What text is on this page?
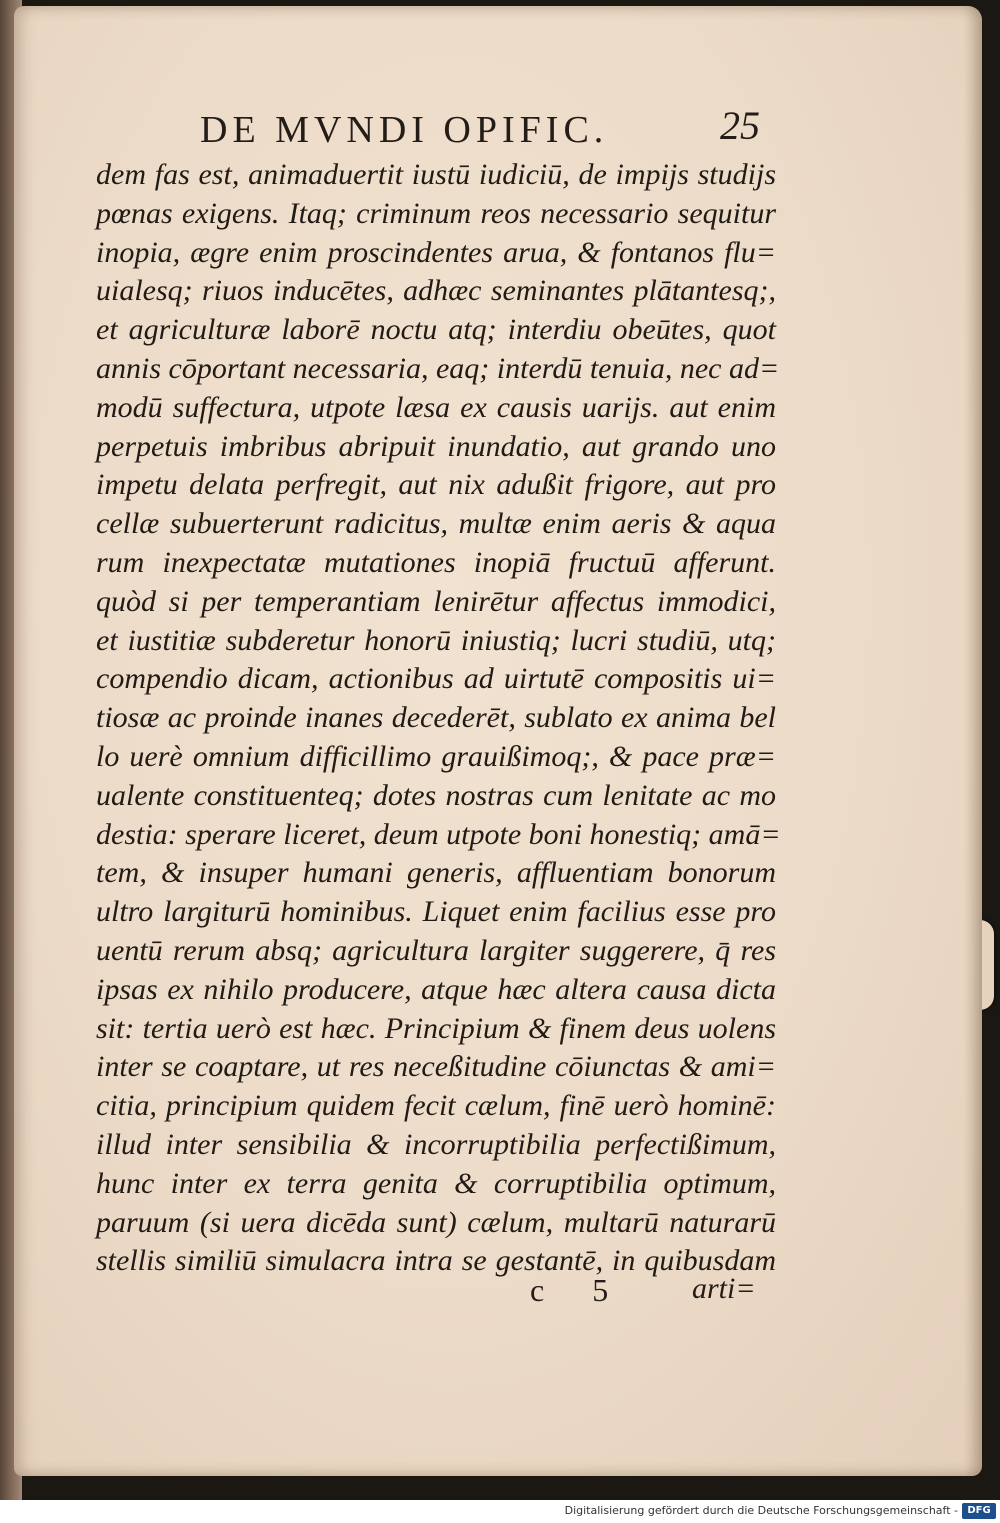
DE MVNDI OPIFIC.	25
dem fas est, animaduertit iustū iudiciū, de impijs studijs
pœnas exigens. Itaq; criminum reos necessario sequitur
inopia, ægre enim proscindentes arua, & fontanos flu=
uialesq; riuos inducētes, adhæc seminantes plātantesq;,
et agriculturæ laborē noctu atq; interdiu obeūtes, quot
annis cōportant necessaria, eaq; interdū tenuia, nec ad=
modū suffectura, utpote læsa ex causis uarijs. aut enim
perpetuis imbribus abripuit inundatio, aut grando uno
impetu delata perfregit, aut nix adußit frigore, aut pro
cellæ subuerterunt radicitus, multæ enim aeris & aqua
rum inexpectatæ mutationes inopiā fructuū afferunt.
quòd si per temperantiam lenirētur affectus immodici,
et iustitiæ subderetur honorū iniustiq; lucri studiū, utq;
compendio dicam, actionibus ad uirtutē compositis ui=
tiosæ ac proinde inanes decederēt, sublato ex anima bel
lo uerè omnium difficillimo grauißimoq;, & pace præ=
ualente constituenteq; dotes nostras cum lenitate ac mo
destia: sperare liceret, deum utpote boni honestiq; amā=
tem, & insuper humani generis, affluentiam bonorum
ultro largiturū hominibus. Liquet enim facilius esse pro
uentū rerum absq; agricultura largiter suggerere, q̄ res
ipsas ex nihilo producere, atque hæc altera causa dicta
sit: tertia uerò est hæc. Principium & finem deus uolens
inter se coaptare, ut res neceßitudine cōiunctas & ami=
citia, principium quidem fecit cælum, finē uerò hominē:
illud inter sensibilia & incorruptibilia perfectißimum,
hunc inter ex terra genita & corruptibilia optimum,
paruum (si uera dicēda sunt) cælum, multarū naturarū
stellis similiū simulacra intra se gestantē, in quibusdam
c 5 arti=
Digitalisierung gefördert durch die Deutsche Forschungsgemeinschaft - DFG
